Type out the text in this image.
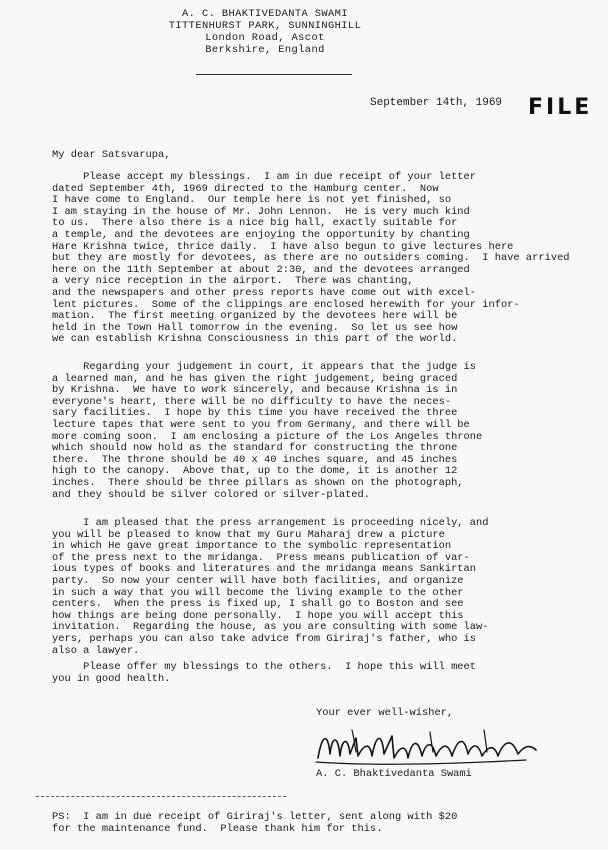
A. C. BHAKTIVEDANTA SWAMI
TITTENHURST PARK, SUNNINGHILL
London Road, Ascot
Berkshire, England
September 14th, 1969 FILE
My dear Satsvarupa,
Please accept my blessings.  I am in due receipt of your letter
dated September 4th, 1969 directed to the Hamburg center.  Now
I have come to England.  Our temple here is not yet finished, so
I am staying in the house of Mr. John Lennon.  He is very much kind
to us.  There also there is a nice big hall, exactly suitable for
a temple, and the devotees are enjoying the opportunity by chanting
Hare Krishna twice, thrice daily.  I have also begun to give lectures here
but they are mostly for devotees, as there are no outsiders coming.  I have arrived
here on the 11th September at about 2:30, and the devotees arranged
a very nice reception in the airport.  There was chanting,
and the newspapers and other press reports have come out with excel-
lent pictures.  Some of the clippings are enclosed herewith for your infor-
mation.  The first meeting organized by the devotees here will be
held in the Town Hall tomorrow in the evening.  So let us see how
we can establish Krishna Consciousness in this part of the world.
Regarding your judgement in court, it appears that the judge is
a learned man, and he has given the right judgement, being graced
by Krishna.  We have to work sincerely, and because Krishna is in
everyone's heart, there will be no difficulty to have the neces-
sary facilities.  I hope by this time you have received the three
lecture tapes that were sent to you from Germany, and there will be
more coming soon.  I am enclosing a picture of the Los Angeles throne
which should now hold as the standard for constructing the throne
there.  The throne should be 40 x 40 inches square, and 45 inches
high to the canopy.  Above that, up to the dome, it is another 12
inches.  There should be three pillars as shown on the photograph,
and they should be silver colored or silver-plated.
I am pleased that the press arrangement is proceeding nicely, and
you will be pleased to know that my Guru Maharaj drew a picture
in which He gave great importance to the symbolic representation
of the press next to the mridanga.  Press means publication of var-
ious types of books and literatures and the mridanga means Sankirtan
party.  So now your center will have both facilities, and organize
in such a way that you will become the living example to the other
centers.  When the press is fixed up, I shall go to Boston and see
how things are being done personally.  I hope you will accept this
invitation.  Regarding the house, as you are consulting with some law-
yers, perhaps you can also take advice from Giriraj's father, who is
also a lawyer.
Please offer my blessings to the others.  I hope this will meet
you in good health.
Your ever well-wisher,
A. C. Bhaktivedanta Swami
PS:  I am in due receipt of Giriraj's letter, sent along with $20
for the maintenance fund.  Please thank him for this.
